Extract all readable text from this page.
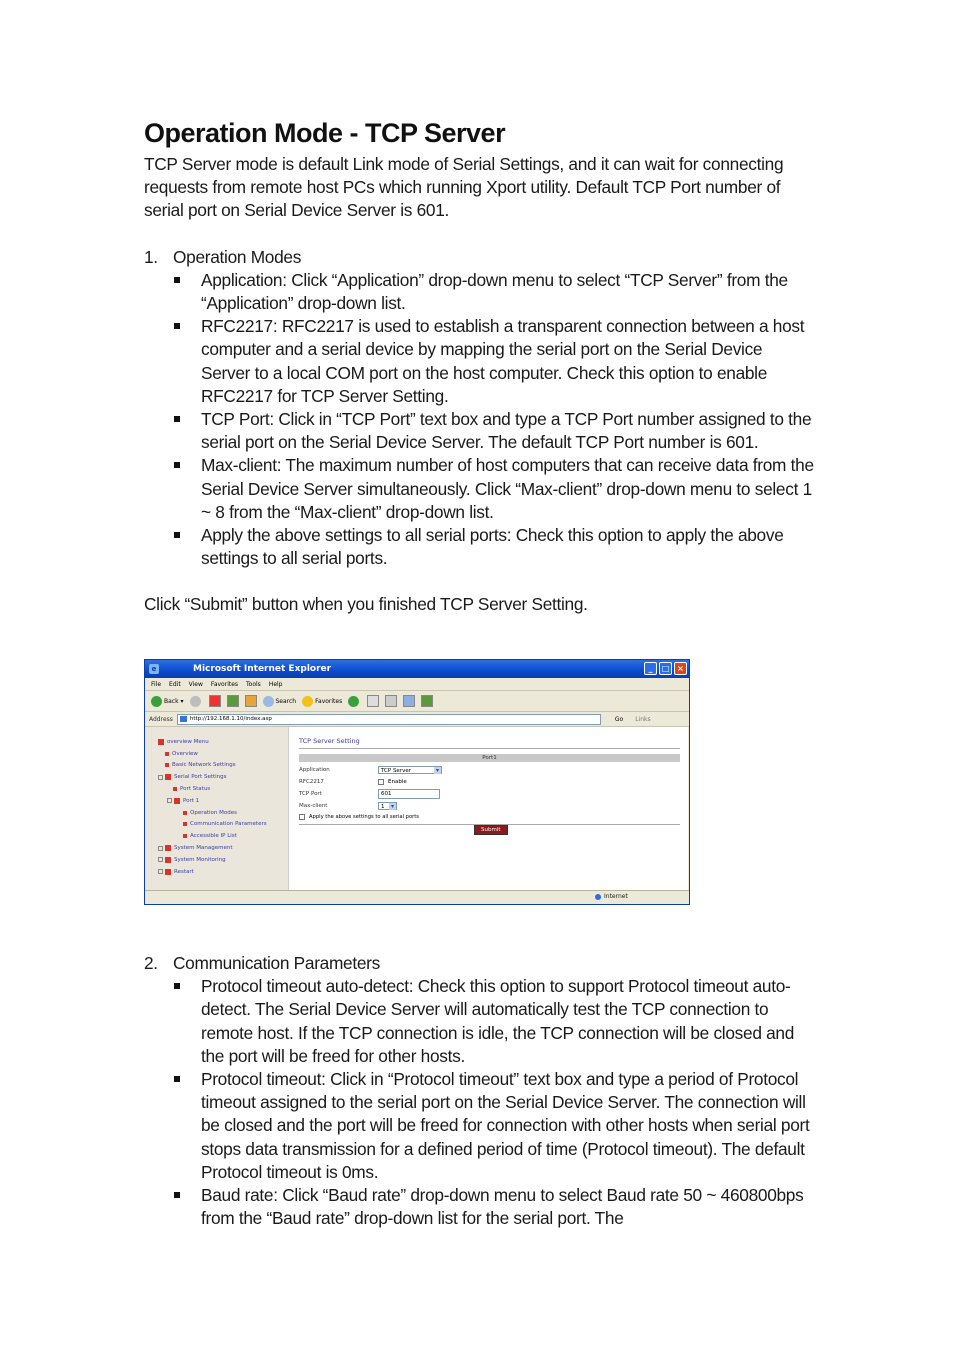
Operation Mode - TCP Server

TCP Server mode is default Link mode of Serial Settings, and it can wait for connecting requests from remote host PCs which running Xport utility. Default TCP Port number of serial port on Serial Device Server is 601.

1. Operation Modes
Application: Click “Application” drop-down menu to select “TCP Server” from the “Application” drop-down list.
RFC2217: RFC2217 is used to establish a transparent connection between a host computer and a serial device by mapping the serial port on the Serial Device Server to a local COM port on the host computer. Check this option to enable RFC2217 for TCP Server Setting.
TCP Port: Click in “TCP Port” text box and type a TCP Port number assigned to the serial port on the Serial Device Server. The default TCP Port number is 601.
Max-client: The maximum number of host computers that can receive data from the Serial Device Server simultaneously. Click “Max-client” drop-down menu to select 1 ~ 8 from the “Max-client” drop-down list.
Apply the above settings to all serial ports: Check this option to apply the above settings to all serial ports.

Click “Submit” button when you finished TCP Server Setting.

e	Microsoft Internet Explorer	_	□ ×
File Edit View Favorites Tools Help
Back ▾	Search	Favorites
Address	http://192.168.1.10/index.asp	Go Links
overview Menu
Overview
Basic Network Settings
Serial Port Settings
Port Status
Port 1
Operation Modes
Communication Parameters
Accessible IP List
System Management
System Monitoring
Restart
TCP Server Setting
Port1
Application	TCP Server ▾
RFC2217	Enable
TCP Port	601
Max-client	1 ▾
Apply the above settings to all serial ports
Submit
Internet
2. Communication Parameters
Protocol timeout auto-detect: Check this option to support Protocol timeout auto-detect. The Serial Device Server will automatically test the TCP connection to remote host. If the TCP connection is idle, the TCP connection will be closed and the port will be freed for other hosts.
Protocol timeout: Click in “Protocol timeout” text box and type a period of Protocol timeout assigned to the serial port on the Serial Device Server. The connection will be closed and the port will be freed for connection with other hosts when serial port stops data transmission for a defined period of time (Protocol timeout). The default Protocol timeout is 0ms.
Baud rate: Click “Baud rate” drop-down menu to select Baud rate 50 ~ 460800bps from the “Baud rate” drop-down list for the serial port. The
